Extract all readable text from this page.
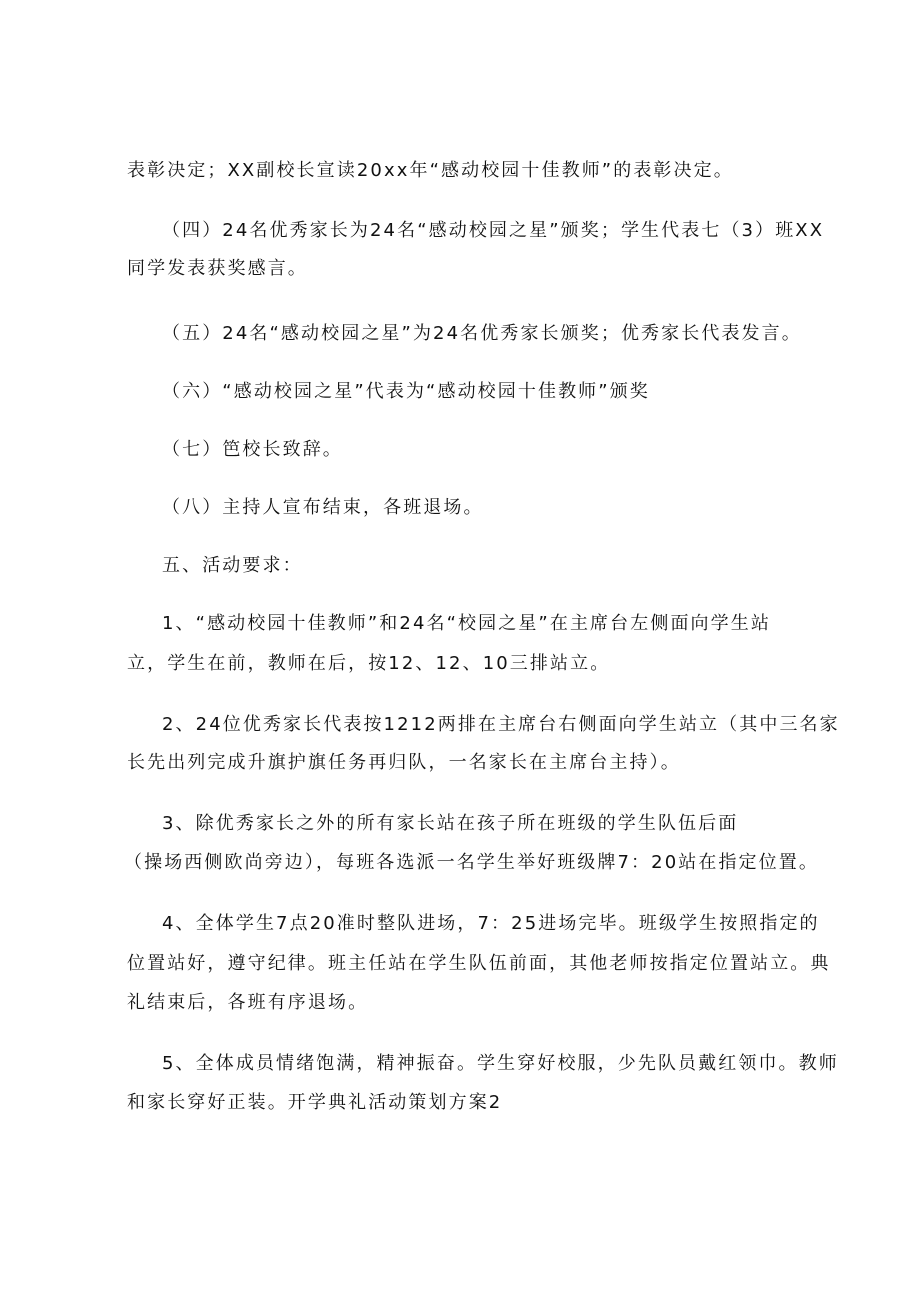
表彰决定；XX副校长宣读20xx年“感动校园十佳教师”的表彰决定。
（四）24名优秀家长为24名“感动校园之星”颁奖；学生代表七（3）班XX
同学发表获奖感言。
（五）24名“感动校园之星”为24名优秀家长颁奖；优秀家长代表发言。
（六）“感动校园之星”代表为“感动校园十佳教师”颁奖
（七）笆校长致辞。
（八）主持人宣布结束，各班退场。
五、活动要求：
1、“感动校园十佳教师”和24名“校园之星”在主席台左侧面向学生站
立，学生在前，教师在后，按12、12、10三排站立。
2、24位优秀家长代表按1212两排在主席台右侧面向学生站立（其中三名家
长先出列完成升旗护旗任务再归队，一名家长在主席台主持）。
3、除优秀家长之外的所有家长站在孩子所在班级的学生队伍后面
（操场西侧欧尚旁边），每班各选派一名学生举好班级牌7：20站在指定位置。
4、全体学生7点20准时整队进场，7：25进场完毕。班级学生按照指定的
位置站好，遵守纪律。班主任站在学生队伍前面，其他老师按指定位置站立。典
礼结束后，各班有序退场。
5、全体成员情绪饱满，精神振奋。学生穿好校服，少先队员戴红领巾。教师
和家长穿好正装。开学典礼活动策划方案2
